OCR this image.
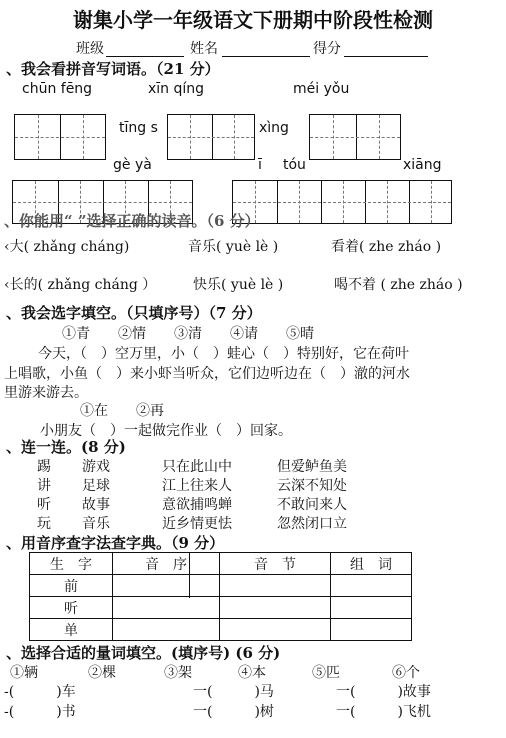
谢集小学一年级语文下册期中阶段性检测
班级	姓名	得分
、我会看拼音写词语。（21 分）
chūn fēng	xīn qíng	méi yǒu
tīng s	xìng
gè yà	ī tóu	xiāng
、你能用“ ”选择正确的读音。（6 分）
‹大( zhǎng cháng)	音乐( yuè lè )	看着( zhe zháo )
‹长的( zhǎng cháng ）	快乐( yuè lè )	喝不着 ( zhe zháo )
、我会选字填空。（只填序号）（7 分）
①青　　②情　　③清　　④请　　⑤晴
今天，（　）空万里，小（　）蛙心（　）特别好，它在荷叶
上唱歌，小鱼（　）来小虾当听众，它们边听边在（　）澈的河水
里游来游去。
①在　　②再
小朋友（　）一起做完作业（　）回家。
、连一连。(8 分)
踢 游戏	只在此山中	但爱鲈鱼美
讲 足球	江上往来人	云深不知处
听 故事	意欲捕鸣蝉	不敢问来人
玩 音乐	近乡情更怯	忽然闭口立
、用音序查字法查字典。（9 分）
生　字	音　序	音　节	组　词
前			
听			
单			
、选择合适的量词填空。(填序号) (6 分)
①辆	②棵	③架	④本	⑤匹	⑥个
-(　　　)车	一(　　　)马	一(　　　)故事
-(　　　)书	一(　　　)树	一(　　　)飞机
